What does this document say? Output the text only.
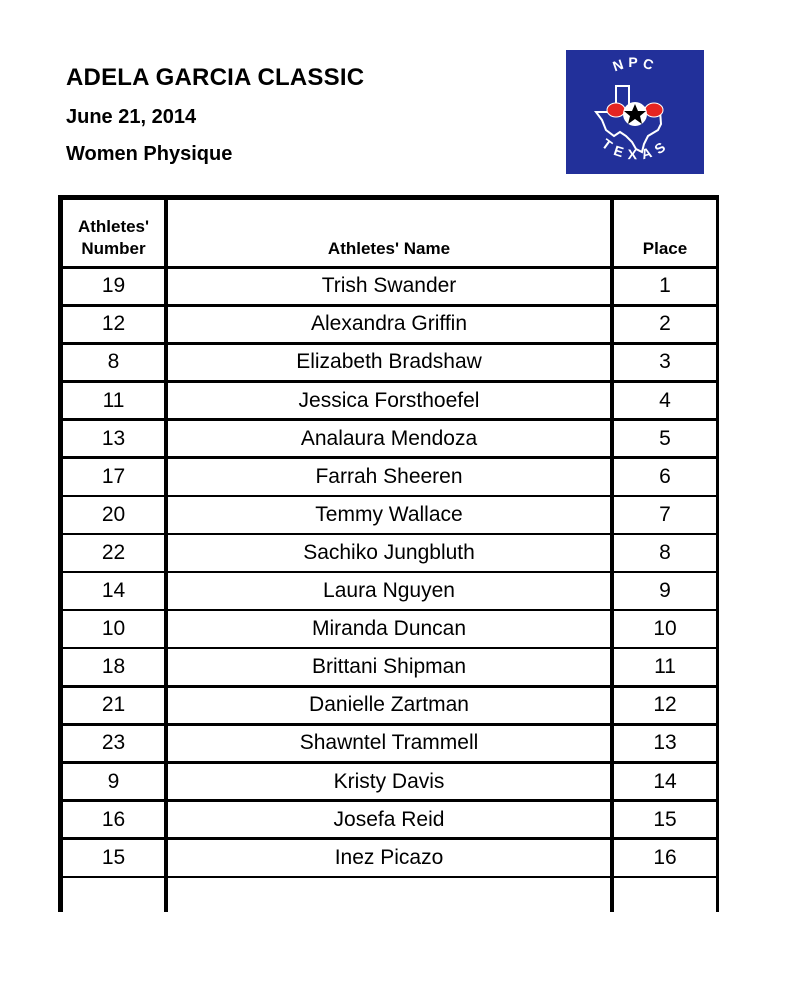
ADELA GARCIA CLASSIC
June 21, 2014
Women Physique
NPC
TEXAS
Athletes' Number	Athletes' Name	Place
19	Trish Swander	1
12	Alexandra Griffin	2
8	Elizabeth Bradshaw	3
11	Jessica Forsthoefel	4
13	Analaura Mendoza	5
17	Farrah Sheeren	6
20	Temmy Wallace	7
22	Sachiko Jungbluth	8
14	Laura Nguyen	9
10	Miranda Duncan	10
18	Brittani Shipman	11
21	Danielle Zartman	12
23	Shawntel Trammell	13
9	Kristy Davis	14
16	Josefa Reid	15
15	Inez Picazo	16
